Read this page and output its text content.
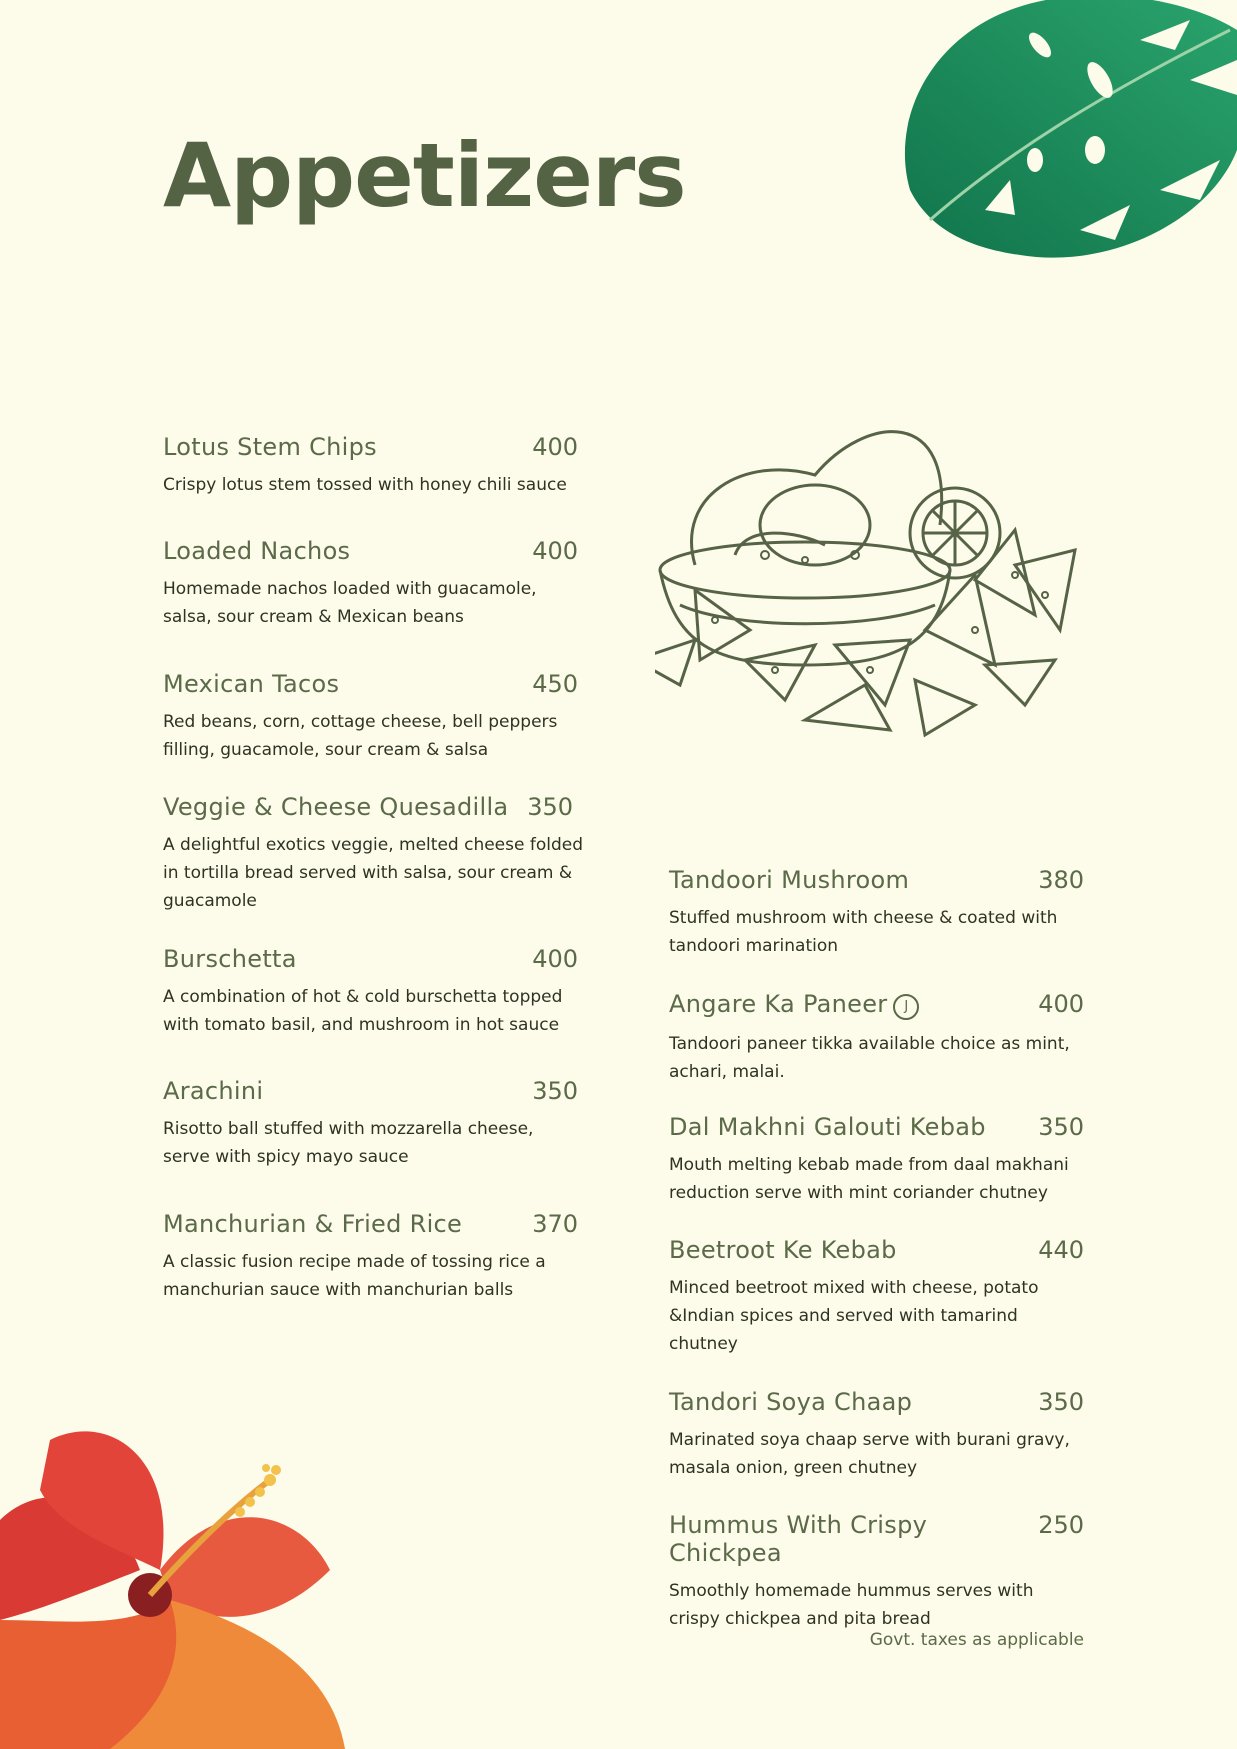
Appetizers
Lotus Stem Chips	400
Crispy lotus stem tossed with honey chili sauce
Loaded Nachos	400
Homemade nachos loaded with guacamole, salsa, sour cream & Mexican beans
Mexican Tacos	450
Red beans, corn, cottage cheese, bell peppers filling, guacamole, sour cream & salsa
Veggie & Cheese Quesadilla 350
A delightful exotics veggie, melted cheese folded in tortilla bread served with salsa, sour cream & guacamole
Burschetta	400
A combination of hot & cold burschetta topped with tomato basil, and mushroom in hot sauce
Arachini	350
Risotto ball stuffed with mozzarella cheese, serve with spicy mayo sauce
Manchurian & Fried Rice	370
A classic fusion recipe made of tossing rice a manchurian sauce with manchurian balls
Tandoori Mushroom	380
Stuffed mushroom with cheese & coated with tandoori marination
Angare Ka Paneer J	400
Tandoori paneer tikka available choice as mint, achari, malai.
Dal Makhni Galouti Kebab 350
Mouth melting kebab made from daal makhani reduction serve with mint coriander chutney
Beetroot Ke Kebab	440
Minced beetroot mixed with cheese, potato &Indian spices and served with tamarind chutney
Tandori Soya Chaap	350
Marinated soya chaap serve with burani gravy, masala onion, green chutney
Hummus With Crispy Chickpea
250
Smoothly homemade hummus serves with crispy chickpea and pita bread
Govt. taxes as applicable
